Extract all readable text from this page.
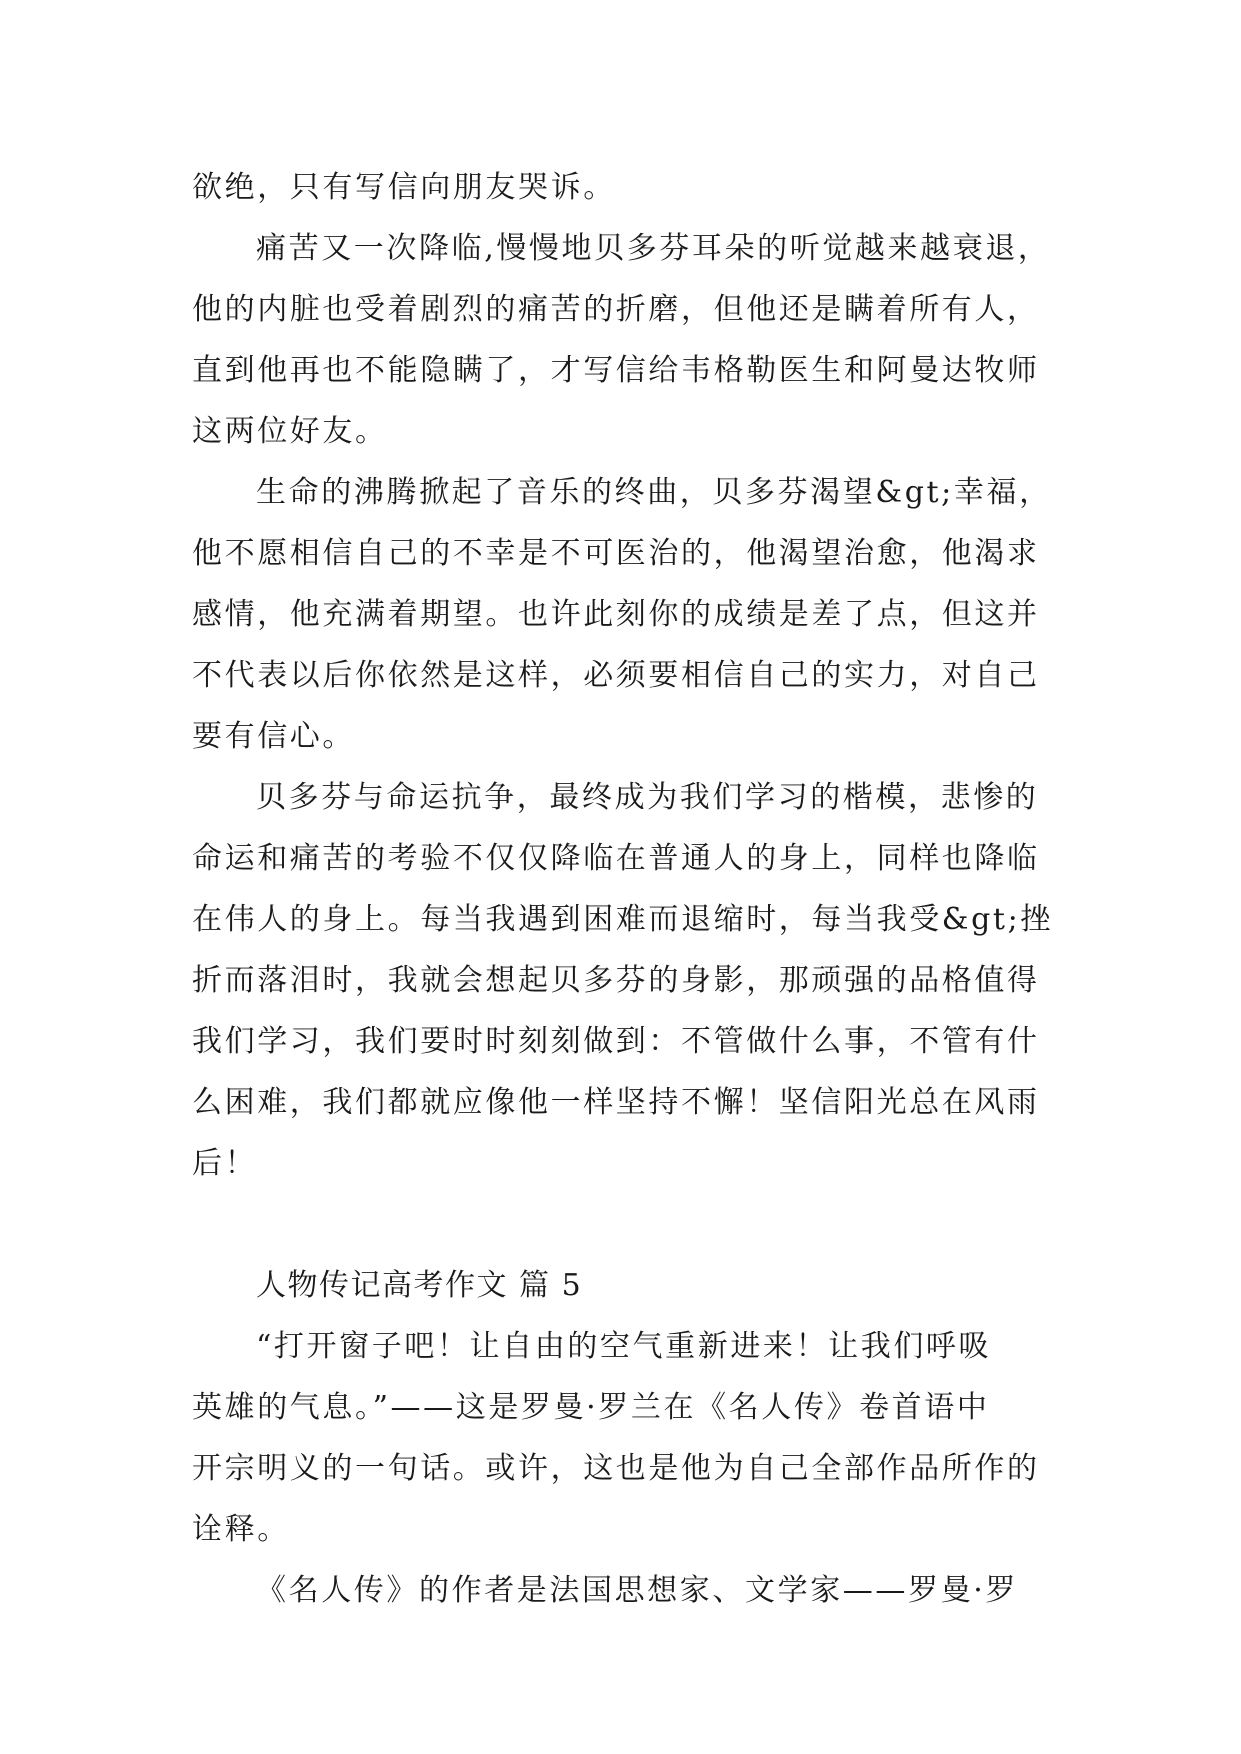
欲绝，只有写信向朋友哭诉。
痛苦又一次降临,慢慢地贝多芬耳朵的听觉越来越衰退，
他的内脏也受着剧烈的痛苦的折磨，但他还是瞒着所有人，
直到他再也不能隐瞒了，才写信给韦格勒医生和阿曼达牧师
这两位好友。
生命的沸腾掀起了音乐的终曲，贝多芬渴望&gt;幸福，
他不愿相信自己的不幸是不可医治的，他渴望治愈，他渴求
感情，他充满着期望。也许此刻你的成绩是差了点，但这并
不代表以后你依然是这样，必须要相信自己的实力，对自己
要有信心。
贝多芬与命运抗争，最终成为我们学习的楷模，悲惨的
命运和痛苦的考验不仅仅降临在普通人的身上，同样也降临
在伟人的身上。每当我遇到困难而退缩时，每当我受&gt;挫
折而落泪时，我就会想起贝多芬的身影，那顽强的品格值得
我们学习，我们要时时刻刻做到：不管做什么事，不管有什
么困难，我们都就应像他一样坚持不懈！坚信阳光总在风雨
后！
人物传记高考作文 篇 5
“打开窗子吧！让自由的空气重新进来！让我们呼吸
英雄的气息。”——这是罗曼·罗兰在《名人传》卷首语中
开宗明义的一句话。或许，这也是他为自己全部作品所作的
诠释。
《名人传》的作者是法国思想家、文学家——罗曼·罗
